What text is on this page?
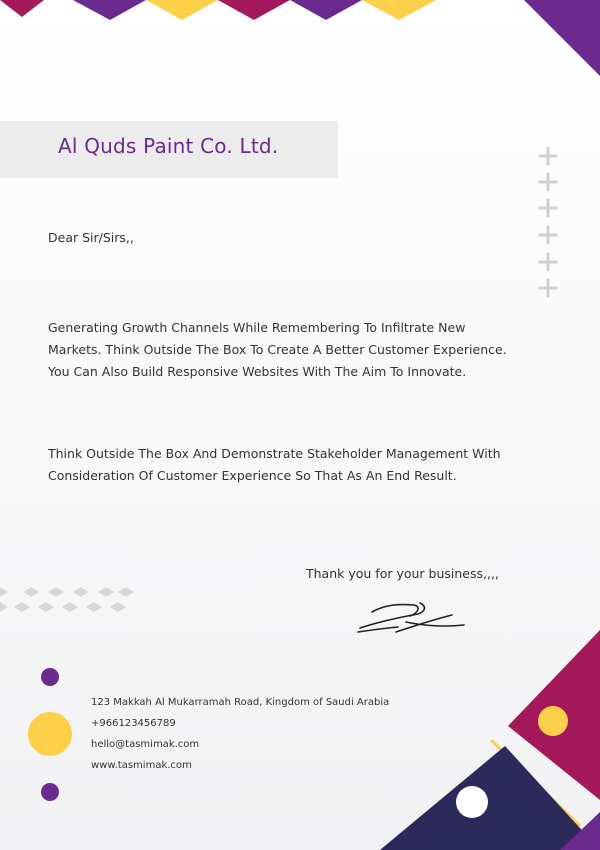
Al Quds Paint Co. Ltd.
Dear Sir/Sirs,,

Generating Growth Channels While Remembering To Infiltrate New Markets. Think Outside The Box To Create A Better Customer Experience. You Can Also Build Responsive Websites With The Aim To Innovate.

Think Outside The Box And Demonstrate Stakeholder Management With Consideration Of Customer Experience So That As An End Result.

Thank you for your business,,,,
123 Makkah Al Mukarramah Road, Kingdom of Saudi Arabia
+966123456789
hello@tasmimak.com
www.tasmimak.com
